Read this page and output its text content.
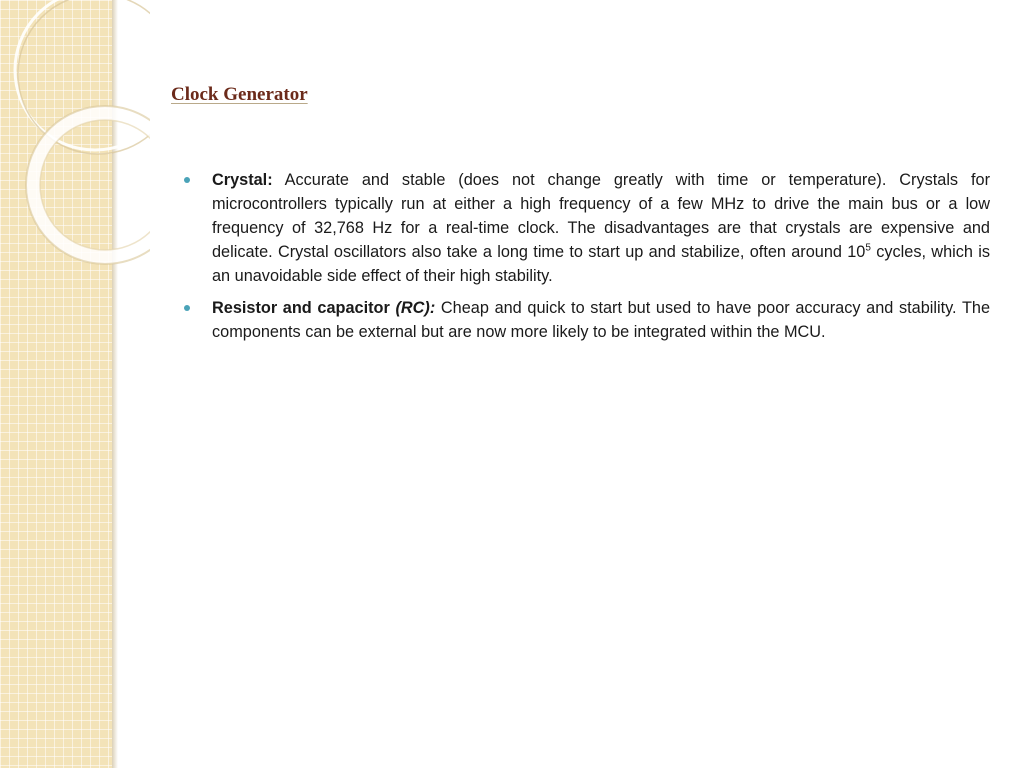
Clock Generator
Crystal: Accurate and stable (does not change greatly with time or temperature). Crystals for microcontrollers typically run at either a high frequency of a few MHz to drive the main bus or a low frequency of 32,768 Hz for a real-time clock. The disadvantages are that crystals are expensive and delicate. Crystal oscillators also take a long time to start up and stabilize, often around $10^5$ cycles, which is an unavoidable side effect of their high stability.
Resistor and capacitor (RC): Cheap and quick to start but used to have poor accuracy and stability. The components can be external but are now more likely to be integrated within the MCU.
